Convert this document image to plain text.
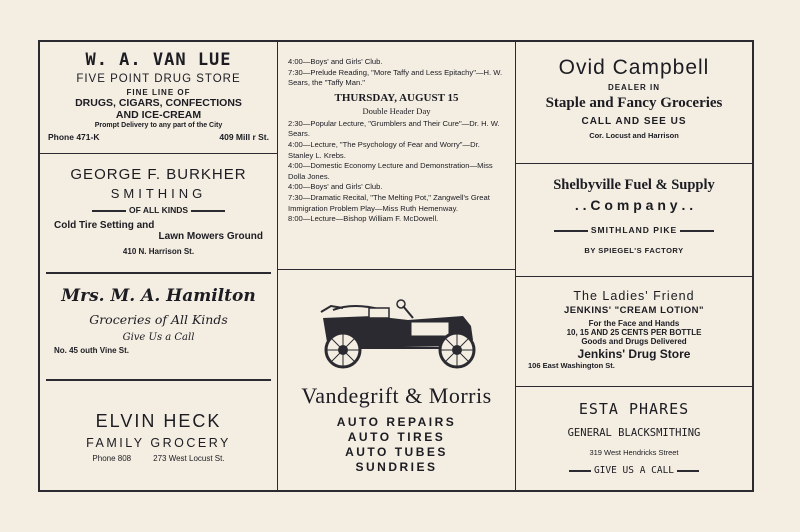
W. A. VAN LUE
FIVE POINT DRUG STORE
FINE LINE OF
DRUGS, CIGARS, CONFECTIONS
AND ICE-CREAM
Prompt Delivery to any part of the City
Phone 471-K	409 Mill r St.
GEORGE F. BURKHER
SMITHING
OF ALL KINDS
Cold Tire Setting and
Lawn Mowers Ground
410 N. Harrison St.
Mrs. M. A. Hamilton
Groceries of All Kinds
Give Us a Call
No. 45 outh Vine St.
ELVIN HECK
FAMILY GROCERY
Phone 808	273 West Locust St.

4:00—Boys' and Girls' Club.

7:30—Prelude Reading, "More Taffy and Less Epitachy"—H. W. Sears, the "Taffy Man."

THURSDAY, AUGUST 15
Double Header Day

2:30—Popular Lecture, "Grumblers and Their Cure"—Dr. H. W. Sears.

4:00—Lecture, "The Psychology of Fear and Worry"—Dr. Stanley L. Krebs.

4:00—Domestic Economy Lecture and Demonstration—Miss Dolla Jones.

4:00—Boys' and Girls' Club.

7:30—Dramatic Recital, "The Melting Pot," Zangwell's Great Immigration Problem Play—Miss Ruth Hemenway.

8:00—Lecture—Bishop William F. McDowell.

Vandegrift & Morris
AUTO REPAIRS
AUTO TIRES
AUTO TUBES
SUNDRIES
Ovid Campbell
DEALER IN
Staple and Fancy Groceries
CALL AND SEE US
Cor. Locust and Harrison
Shelbyville Fuel & Supply
. . C o m p a n y . .
SMITHLAND PIKE
BY SPIEGEL'S FACTORY
The Ladies' Friend
JENKINS' "CREAM LOTION"
For the Face and Hands
10, 15 AND 25 CENTS PER BOTTLE
Goods and Drugs Delivered
Jenkins' Drug Store
106 East Washington St.
ESTA PHARES
GENERAL BLACKSMITHING
319 West Hendricks Street
GIVE US A CALL
